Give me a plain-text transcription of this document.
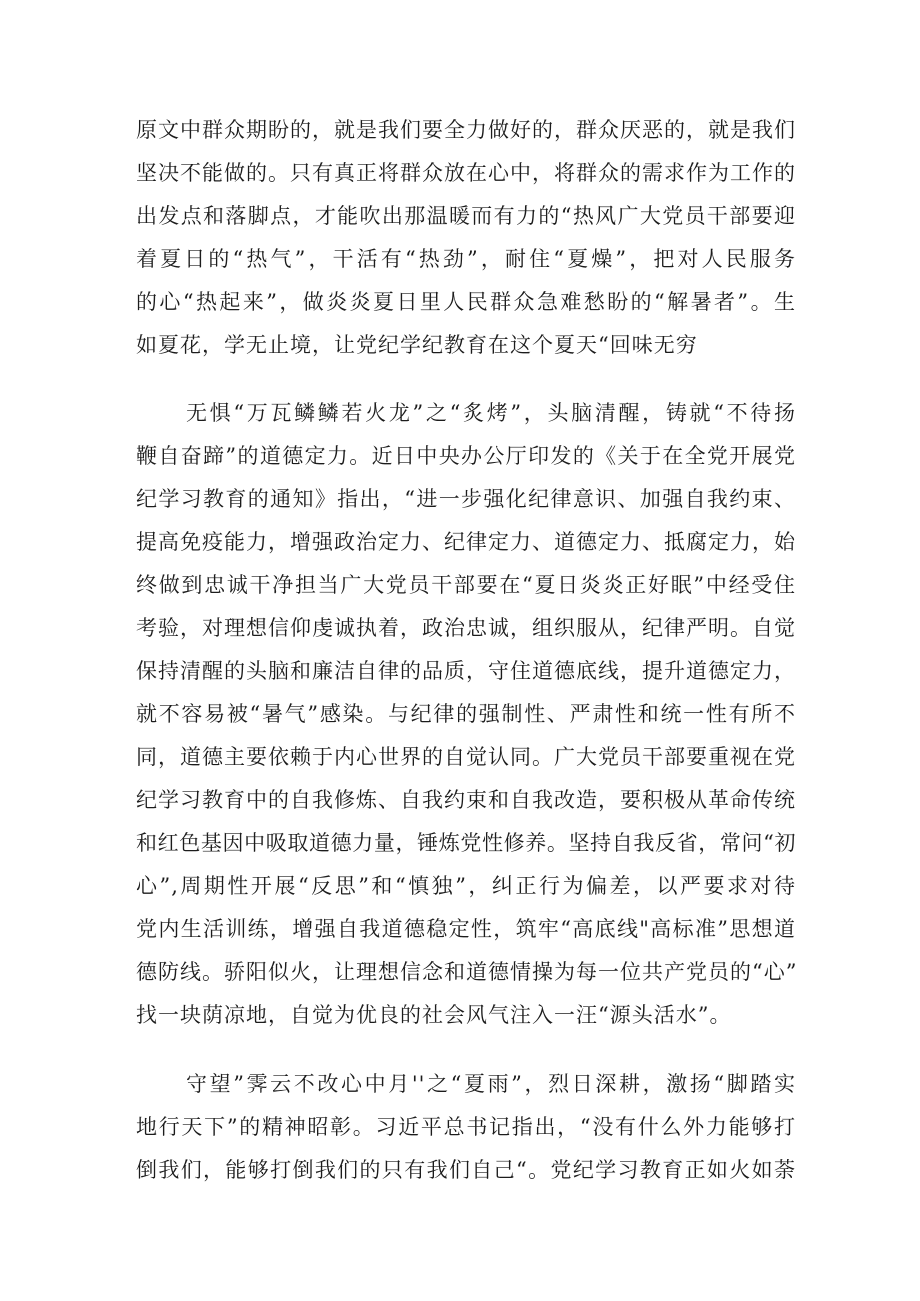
原文中群众期盼的，就是我们要全力做好的，群众厌恶的，就是我们
坚决不能做的。只有真正将群众放在心中，将群众的需求作为工作的
出发点和落脚点，才能吹出那温暖而有力的“热风广大党员干部要迎
着夏日的“热气”，干活有“热劲”，耐住“夏燥”，把对人民服务
的心“热起来”，做炎炎夏日里人民群众急难愁盼的“解暑者”。生
如夏花，学无止境，让党纪学纪教育在这个夏天“回味无穷
无惧“万瓦鳞鳞若火龙”之“炙烤”，头脑清醒，铸就“不待扬
鞭自奋蹄”的道德定力。近日中央办公厅印发的《关于在全党开展党
纪学习教育的通知》指出，“进一步强化纪律意识、加强自我约束、
提高免疫能力，增强政治定力、纪律定力、道德定力、抵腐定力，始
终做到忠诚干净担当广大党员干部要在“夏日炎炎正好眠”中经受住
考验，对理想信仰虔诚执着，政治忠诚，组织服从，纪律严明。自觉
保持清醒的头脑和廉洁自律的品质，守住道德底线，提升道德定力，
就不容易被“暑气”感染。与纪律的强制性、严肃性和统一性有所不
同，道德主要依赖于内心世界的自觉认同。广大党员干部要重视在党
纪学习教育中的自我修炼、自我约束和自我改造，要积极从革命传统
和红色基因中吸取道德力量，锤炼党性修养。坚持自我反省，常问“初
心”,周期性开展“反思”和“慎独”，纠正行为偏差，以严要求对待
党内生活训练，增强自我道德稳定性，筑牢“高底线"高标准”思想道
德防线。骄阳似火，让理想信念和道德情操为每一位共产党员的“心”
找一块荫凉地，自觉为优良的社会风气注入一汪“源头活水”。
守望”霁云不改心中月''之“夏雨”，烈日深耕，激扬“脚踏实
地行天下”的精神昭彰。习近平总书记指出，“没有什么外力能够打
倒我们，能够打倒我们的只有我们自己“。党纪学习教育正如火如荼
